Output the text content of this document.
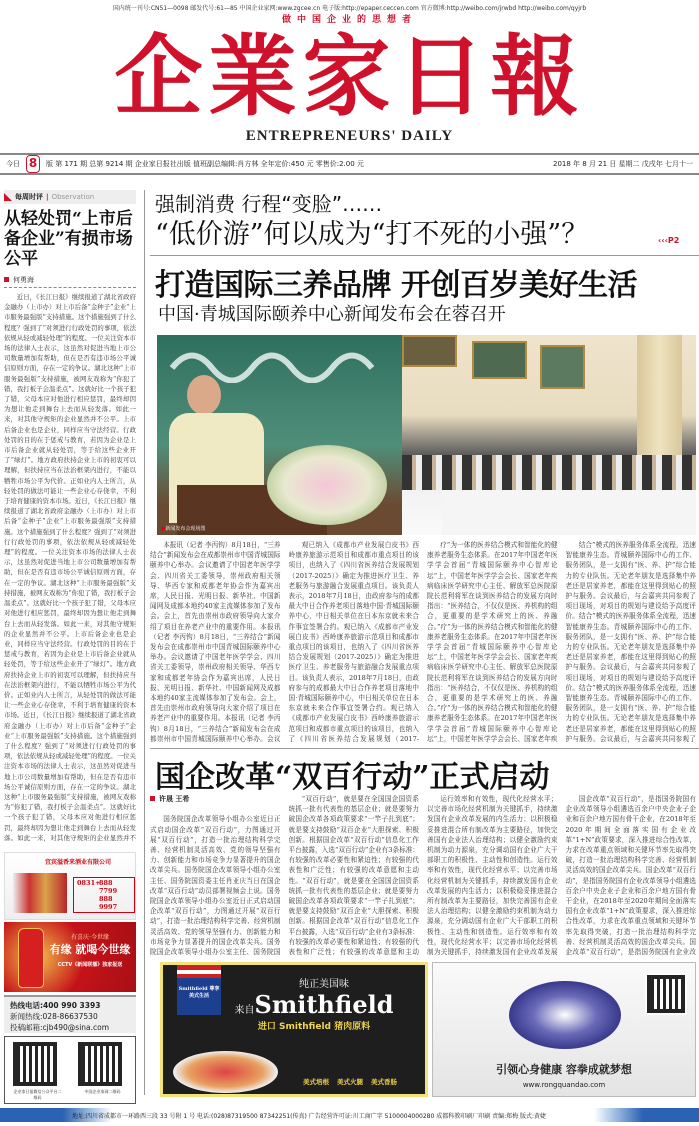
国内统一刊号:CN51—0098 邮发代号:61—85 中国企业家网:www.zgcee.cn 电子版:http://epaper.ceccen.com 官方微博:http://weibo.com/jrwbd http://weibo.com/qyjrb
做中国企业的思想者
企業家日報
ENTREPRENEURS' DAILY
今日 8	版 第 171 期 总第 9214 期 企业家日报社出版 值班副总编辑:肖方林 全年定价:450 元 零售价:2.00 元	2018 年 8 月 21 日 星期二 戊戌年 七月十一
每周时评 | Observation
从轻处罚“上市后备企业”有损市场公平
何勇海
近日，《长江日报》继续报道了湖北省政府金融办（上市办）对上市后备“金种子”企业“上市服务最强版”支持措施。这个措施强到了什么程度？强到了“对须进行行政处罚的事项，依法依规从轻或减轻处理”的程度。一位关注资本市场的法律人士表示，这虽然对促进当地上市公司数量增加有帮助，但在是否有违市场公平诚信原则方面，存在一定的争议。湖北这种“上市服务最强版”支持措施，被网友戏称为“你犯了错，我打板子会温柔点”。这就好比一个孩子犯了错，父母本应对他进行相应惩罚，最终却因为想让他走到舞台上去而从轻发落。如此一来，对其他守规矩的企业显然并不公平。上市后备企业也是企业，同样应当守法经营。行政处罚的目的在于惩戒与教育，若因为企业是上市后备企业就从轻处罚，等于给这些企业开了“绿灯”。地方政府扶持企业上市的初衷可以理解，但扶持应当在法治框架内进行，不能以牺牲市场公平为代价。正如业内人士所言，从轻处罚的做法可能让一些企业心存侥幸，不利于培育健康的资本市场。近日，《长江日报》继续报道了湖北省政府金融办（上市办）对上市后备“金种子”企业“上市服务最强版”支持措施。这个措施强到了什么程度？强到了“对须进行行政处罚的事项，依法依规从轻或减轻处理”的程度。一位关注资本市场的法律人士表示，这虽然对促进当地上市公司数量增加有帮助，但在是否有违市场公平诚信原则方面，存在一定的争议。湖北这种“上市服务最强版”支持措施，被网友戏称为“你犯了错，我打板子会温柔点”。这就好比一个孩子犯了错，父母本应对他进行相应惩罚，最终却因为想让他走到舞台上去而从轻发落。如此一来，对其他守规矩的企业显然并不公平。上市后备企业也是企业，同样应当守法经营。行政处罚的目的在于惩戒与教育，若因为企业是上市后备企业就从轻处罚，等于给这些企业开了“绿灯”。地方政府扶持企业上市的初衷可以理解，但扶持应当在法治框架内进行，不能以牺牲市场公平为代价。正如业内人士所言，从轻处罚的做法可能让一些企业心存侥幸，不利于培育健康的资本市场。近日，《长江日报》继续报道了湖北省政府金融办（上市办）对上市后备“金种子”企业“上市服务最强版”支持措施。这个措施强到了什么程度？强到了“对须进行行政处罚的事项，依法依规从轻或减轻处理”的程度。一位关注资本市场的法律人士表示，这虽然对促进当地上市公司数量增加有帮助，但在是否有违市场公平诚信原则方面，存在一定的争议。湖北这种“上市服务最强版”支持措施，被网友戏称为“你犯了错，我打板子会温柔点”。这就好比一个孩子犯了错，父母本应对他进行相应惩罚，最终却因为想让他走到舞台上去而从轻发落。如此一来，对其他守规矩的企业显然并不
宜宾溢香来酒业有限公司
0831+
888 7799
888 9997
有喜庆·今世缘
有缘 就喝今世缘
CCTV《新闻联播》独家报送
热线电话:400 990 3393
新闻热线:028-86637530
投稿邮箱:cjb490@sina.com
企业家日报微信公众平台二维码
中国企业家网二维码
强制消费 行程“变脸”……
“低价游”何以成为“打不死的小强”？	‹‹‹P2
打造国际三养品牌 开创百岁美好生活
中国·青城国际颐养中心新闻发布会在蓉召开
●新闻发布会现场图
本报讯（记者 李丙钩）8月18日，“三养结合”新闻发布会在成都崇州市中国青城国际颐养中心举办。会议邀请了中国老年医学学会、四川省关工委领导，崇州政府相关领导、华西专家和成都老年协会作为嘉宾出席，人民日报、光明日报、新华社、中国新闻网及成都本地约40家主流媒体参加了发布会。会上，首先由崇州市政府领导向大家介绍了项目在养老产业中的重要作用。本报讯（记者 李丙钩）8月18日，“三养结合”新闻发布会在成都崇州市中国青城国际颐养中心举办。会议邀请了中国老年医学学会、四川省关工委领导，崇州政府相关领导、华西专家和成都老年协会作为嘉宾出席，人民日报、光明日报、新华社、中国新闻网及成都本地约40家主流媒体参加了发布会。会上，首先由崇州市政府领导向大家介绍了项目在养老产业中的重要作用。本报讯（记者 李丙钩）8月18日，“三养结合”新闻发布会在成都崇州市中国青城国际颐养中心举办。会议
观已纳入《成都市产业发展白皮书》西岭康养旅游示范项目和成都市重点项目的该项目，也纳入了《四川省医养结合发展规划（2017-2025）》确定为推进医疗卫生、养老服务与旅游融合发展重点项目。该负责人表示，2018年7月18日，由政府参与的成都最大中日合作养老项目落地中国·青城国际颐养中心，中日相关单位在日本东京就未来合作事宜签署合约。观已纳入《成都市产业发展白皮书》西岭康养旅游示范项目和成都市重点项目的该项目，也纳入了《四川省医养结合发展规划（2017-2025）》确定为推进医疗卫生、养老服务与旅游融合发展重点项目。该负责人表示，2018年7月18日，由政府参与的成都最大中日合作养老项目落地中国·青城国际颐养中心，中日相关单位在日本东京就未来合作事宜签署合约。观已纳入《成都市产业发展白皮书》西岭康养旅游示范项目和成都市重点项目的该项目，也纳入了《四川省医养结合发展规划（2017-
疗”为一体的医养结合模式和智能化的健康养老服务生态体系。在2017年中国老年医学学会首届“青城国际颐养中心智库论坛”上，中国老年医学学会会长、国家老年疾病临床医学研究中心主任、解放军总医院原院长范利将军在谈到医养结合的发展方向时指出：“医养结合，不仅仅是医、养机构的组合，更重要的是学术研究上的医、养融合。”疗”为一体的医养结合模式和智能化的健康养老服务生态体系。在2017年中国老年医学学会首届“青城国际颐养中心智库论坛”上，中国老年医学学会会长、国家老年疾病临床医学研究中心主任、解放军总医院原院长范利将军在谈到医养结合的发展方向时指出：“医养结合，不仅仅是医、养机构的组合，更重要的是学术研究上的医、养融合。”疗”为一体的医养结合模式和智能化的健康养老服务生态体系。在2017年中国老年医学学会首届“青城国际颐养中心智库论坛”上，中国老年医学学会会长、国家老年疾
结合”模式的医养服务体系全流程，迅速智能康养生态。青城颐养国际中心的工作、服务团队，是一支拥有“医、养、护”综合能力的专业队伍。无论老年朋友是选择集中养老还是居家养老，都能在这里得到贴心的照护与服务。会议最后，与会嘉宾共同参观了项目现场，对项目的规划与建设给予高度评价。结合”模式的医养服务体系全流程，迅速智能康养生态。青城颐养国际中心的工作、服务团队，是一支拥有“医、养、护”综合能力的专业队伍。无论老年朋友是选择集中养老还是居家养老，都能在这里得到贴心的照护与服务。会议最后，与会嘉宾共同参观了项目现场，对项目的规划与建设给予高度评价。结合”模式的医养服务体系全流程，迅速智能康养生态。青城颐养国际中心的工作、服务团队，是一支拥有“医、养、护”综合能力的专业队伍。无论老年朋友是选择集中养老还是居家养老，都能在这里得到贴心的照护与服务。会议最后，与会嘉宾共同参观了
国企改革“双百行动”正式启动
许晟 王希
国务院国企改革领导小组办公室近日正式启动国企改革“双百行动”，力图通过开展“双百行动”，打造一批治理结构科学完善、经营机制灵活高效、党的领导坚强有力、创新能力和市场竞争力显著提升的国企改革尖兵。国务院国企改革领导小组办公室主任、国务院国资委主任肖亚庆当日在国企改革“双百行动”动员部署视频会上说。国务院国企改革领导小组办公室近日正式启动国企改革“双百行动”，力图通过开展“双百行动”，打造一批治理结构科学完善、经营机制灵活高效、党的领导坚强有力、创新能力和市场竞争力显著提升的国企改革尖兵。国务院国企改革领导小组办公室主任、国务院国
“双百行动”，就是要在全国国企国资系统抓一批有代表性的基层企业；就是要努力破国企改革各项政策要求“一竿子扎到底”；就是要支持鼓励“双百企业”大胆探索、积极创新。根据国企改革“双百行动”信息化工作平台披露，入选“双百行动”企业有3条标准：有较强的改革必要性和紧迫性；有较强的代表性和广泛性；有较强的改革意愿和主动性。“双百行动”，就是要在全国国企国资系统抓一批有代表性的基层企业；就是要努力破国企改革各项政策要求“一竿子扎到底”；就是要支持鼓励“双百企业”大胆探索、积极创新。根据国企改革“双百行动”信息化工作平台披露，入选“双百行动”企业有3条标准：有较强的改革必要性和紧迫性；有较强的代表性和广泛性；有较强的改革意愿和主动
运行效率和有效性，现代化经营水平；以完善市场化经营机制为关键抓手，持续激发国有企业改革发展的内生活力；以积极稳妥推进混合所有制改革为主要路径，加快完善国有企业法人治理结构；以健全激励约束机制为动力源泉，充分调动国有企业广大干部职工的积极性、主动性和创造性。运行效率和有效性，现代化经营水平；以完善市场化经营机制为关键抓手，持续激发国有企业改革发展的内生活力；以积极稳妥推进混合所有制改革为主要路径，加快完善国有企业法人治理结构；以健全激励约束机制为动力源泉，充分调动国有企业广大干部职工的积极性、主动性和创造性。运行效率和有效性，现代化经营水平；以完善市场化经营机制为关键抓手，持续激发国有企业改革发展
国企改革“双百行动”，是指国务院国有企业改革领导小组遴选百余户中央企业子企业和百余户地方国有骨干企业，在2018年至2020年期间全面落实国有企业改革“1+N”政策要求，深入推进综合性改革，力求在改革重点领域和关键环节率先取得突破，打造一批治理结构科学完善、经营机制灵活高效的国企改革尖兵。国企改革“双百行动”，是指国务院国有企业改革领导小组遴选百余户中央企业子企业和百余户地方国有骨干企业，在2018年至2020年期间全面落实国有企业改革“1+N”政策要求，深入推进综合性改革，力求在改革重点领域和关键环节率先取得突破，打造一批治理结构科学完善、经营机制灵活高效的国企改革尖兵。国企改革“双百行动”，是指国务院国有企业改
Smithfield 尊享美式生活
纯正美国味
来自Smithfield
进口 Smithfield 猪肉原料
美式培根 美式火腿 美式香肠
引领心身健康 容拳成就梦想
www.rongquandao.com
地址:四川省成都市一环路西三段 33 号附 1 号 电话:(028)87319500 87342251(传真) 广告经营许可证:川工商广字 5100004000280 成都科教印刷厂印刷 责编:郑梅 版式:黄婕
